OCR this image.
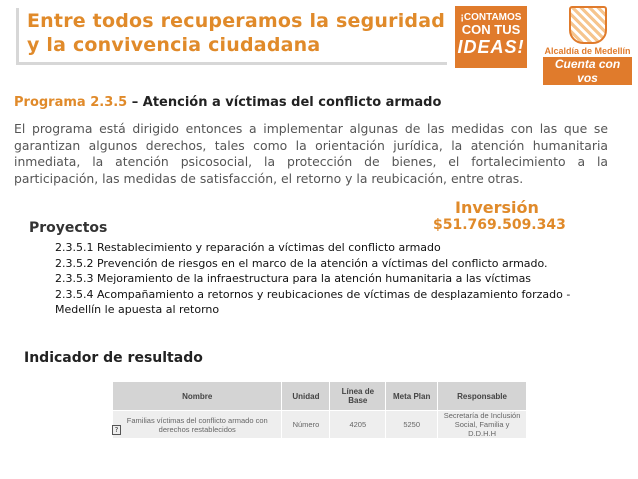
Entre todos recuperamos la seguridad
y la convivencia ciudadana
¡CONTAMOS
CON TUS
IDEAS!	Alcaldía de Medellín
Cuenta con vos
Programa 2.3.5 – Atención a víctimas del conflicto armado

El programa está dirigido entonces a implementar algunas de las medidas con las que se garantizan algunos derechos, tales como la orientación jurídica, la atención humanitaria inmediata, la atención psicosocial, la protección de bienes, el fortalecimiento a la participación, las medidas de satisfacción, el retorno y la reubicación, entre otras.

Inversión
$51.769.509.343
Proyectos
2.3.5.1 Restablecimiento y reparación a víctimas del conflicto armado
2.3.5.2 Prevención de riesgos en el marco de la atención a víctimas del conflicto armado.
2.3.5.3 Mejoramiento de la infraestructura para la atención humanitaria a las víctimas
2.3.5.4 Acompañamiento a retornos y reubicaciones de víctimas de desplazamiento forzado - Medellín le apuesta al retorno
Indicador de resultado
Nombre	Unidad	Línea de Base	Meta Plan	Responsable
Familias víctimas del conflicto armado con derechos restablecidos	Número	4205	5250	Secretaría de Inclusión Social, Familia y D.D.H.H
?
